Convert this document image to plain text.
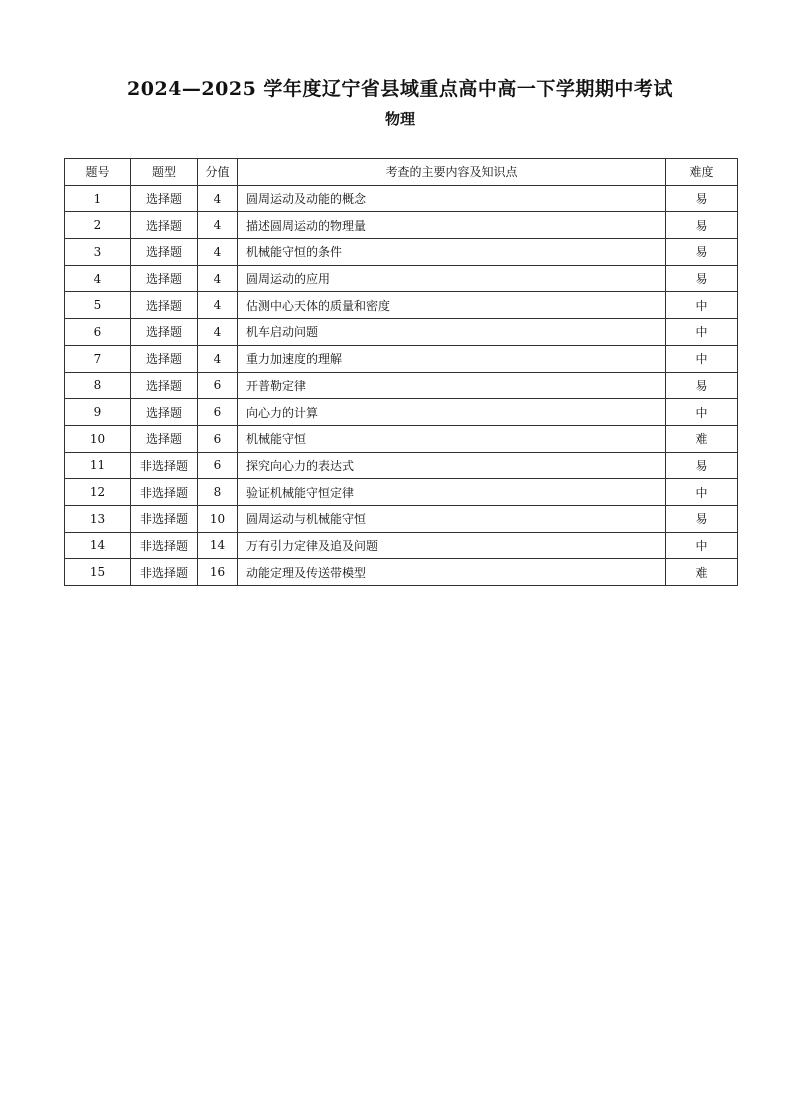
2024—2025 学年度辽宁省县域重点高中高一下学期期中考试
物理
题号	题型	分值	考查的主要内容及知识点	难度
1	选择题	4	圆周运动及动能的概念	易
2	选择题	4	描述圆周运动的物理量	易
3	选择题	4	机械能守恒的条件	易
4	选择题	4	圆周运动的应用	易
5	选择题	4	估测中心天体的质量和密度	中
6	选择题	4	机车启动问题	中
7	选择题	4	重力加速度的理解	中
8	选择题	6	开普勒定律	易
9	选择题	6	向心力的计算	中
10	选择题	6	机械能守恒	难
11	非选择题	6	探究向心力的表达式	易
12	非选择题	8	验证机械能守恒定律	中
13	非选择题	10	圆周运动与机械能守恒	易
14	非选择题	14	万有引力定律及追及问题	中
15	非选择题	16	动能定理及传送带模型	难
